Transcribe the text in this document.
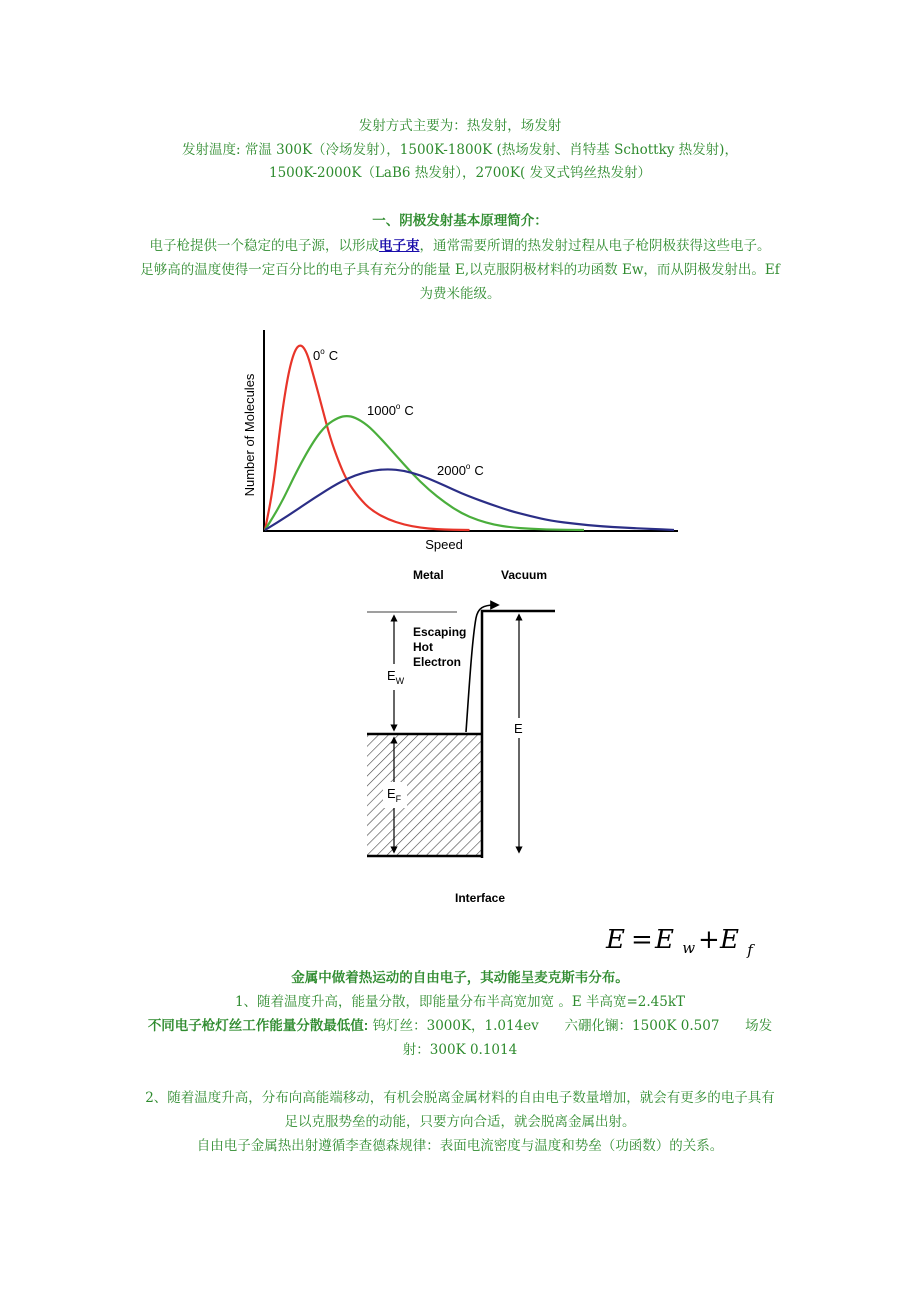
发射方式主要为：热发射，场发射
发射温度: 常温 300K（冷场发射），1500K-1800K (热场发射、肖特基 Schottky 热发射)，
1500K-2000K（LaB6 热发射），2700K( 发叉式钨丝热发射）
一、阴极发射基本原理简介：
电子枪提供一个稳定的电子源，以形成电子束，通常需要所谓的热发射过程从电子枪阴极获得这些电子。
足够高的温度使得一定百分比的电子具有充分的能量 E,以克服阴极材料的功函数 Ew，而从阴极发射出。Ef
为费米能级。
Number of Molecules
Speed
0$^o$ C
1000$^o$ C
2000$^o$ C
Metal	Vacuum
Escaping
Hot
Electron
$E_W$
$E_F$
E
Interface
E = E w + E $_f$
金属中做着热运动的自由电子，其动能呈麦克斯韦分布。
1、随着温度升高，能量分散，即能量分布半高宽加宽 。E 半高宽=2.45kT
不同电子枪灯丝工作能量分散最低值: 钨灯丝：3000K，1.014ev      六硼化镧：1500K 0.507      场发
射：300K 0.1014
2、随着温度升高，分布向高能端移动，有机会脱离金属材料的自由电子数量增加，就会有更多的电子具有
足以克服势垒的动能，只要方向合适，就会脱离金属出射。
自由电子金属热出射遵循李查德森规律：表面电流密度与温度和势垒（功函数）的关系。
